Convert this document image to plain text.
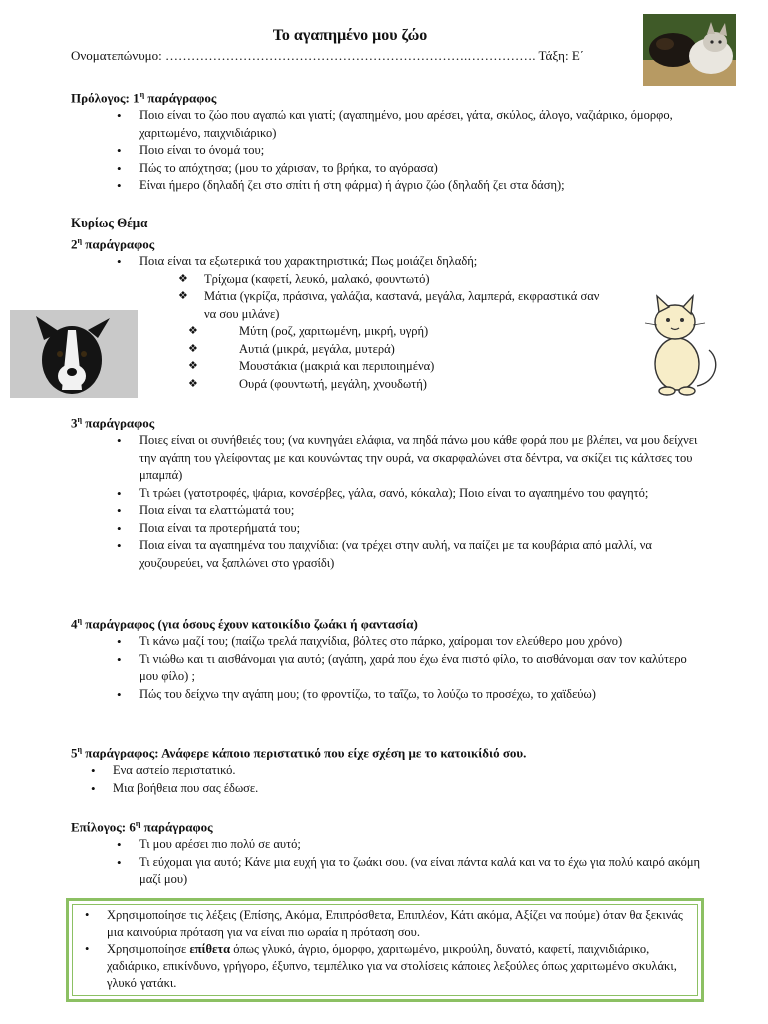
Το αγαπημένο μου ζώο
Ονοματεπώνυμο: …………………………………………………………….……………. Τάξη: Ε΄
Πρόλογος: $1^\eta$ παράγραφος
• Ποιο είναι το ζώο που αγαπώ και γιατί; (αγαπημένο, μου αρέσει, γάτα, σκύλος, άλογο, ναζιάρικο, όμορφο, χαριτωμένο, παιχνιδιάρικο)
• Ποιο είναι το όνομά του;
• Πώς το απόχτησα; (μου το χάρισαν, το βρήκα, το αγόρασα)
• Είναι ήμερο (δηλαδή ζει στο σπίτι ή στη φάρμα) ή άγριο ζώο (δηλαδή ζει στα δάση);
Κυρίως Θέμα
$2^\eta$ παράγραφος
• Ποια είναι τα εξωτερικά του χαρακτηριστικά; Πως μοιάζει δηλαδή;
❖ Τρίχωμα (καφετί, λευκό, μαλακό, φουντωτό)
❖ Μάτια (γκρίζα, πράσινα, γαλάζια, καστανά, μεγάλα, λαμπερά, εκφραστικά σαν να σου μιλάνε)
❖ Μύτη (ροζ, χαριτωμένη, μικρή, υγρή)
❖ Αυτιά (μικρά, μεγάλα, μυτερά)
❖ Μουστάκια (μακριά και περιποιημένα)
❖ Ουρά (φουντωτή, μεγάλη, χνουδωτή)
$3^\eta$ παράγραφος
• Ποιες είναι οι συνήθειές του; (να κυνηγάει ελάφια, να πηδά πάνω μου κάθε φορά που με βλέπει, να μου δείχνει την αγάπη του γλείφοντας με και κουνώντας την ουρά, να σκαρφαλώνει στα δέντρα, να σκίζει τις κάλτσες του μπαμπά)
• Τι τρώει (γατοτροφές, ψάρια, κονσέρβες, γάλα, σανό, κόκαλα); Ποιο είναι το αγαπημένο του φαγητό;
• Ποια είναι τα ελαττώματά του;
• Ποια είναι τα προτερήματά του;
• Ποια είναι τα αγαπημένα του παιχνίδια: (να τρέχει στην αυλή, να παίζει με τα κουβάρια από μαλλί, να χουζουρεύει, να ξαπλώνει στο γρασίδι)
$4^\eta$ παράγραφος (για όσους έχουν κατοικίδιο ζωάκι ή φαντασία)
• Τι κάνω μαζί του; (παίζω τρελά παιχνίδια, βόλτες στο πάρκο, χαίρομαι τον ελεύθερο μου χρόνο)
• Τι νιώθω και τι αισθάνομαι για αυτό; (αγάπη, χαρά που έχω ένα πιστό φίλο, το αισθάνομαι σαν τον καλύτερο μου φίλο) ;
• Πώς του δείχνω την αγάπη μου; (το φροντίζω, το ταΐζω, το λούζω το προσέχω, το χαϊδεύω)
$5^\eta$ παράγραφος: Ανάφερε κάποιο περιστατικό που είχε σχέση με το κατοικίδιό σου.
• Ενα αστείο περιστατικό.
• Μια βοήθεια που σας έδωσε.
Επίλογος: $6^\eta$ παράγραφος
• Τι μου αρέσει πιο πολύ σε αυτό;
• Τι εύχομαι για αυτό; Κάνε μια ευχή για το ζωάκι σου. (να είναι πάντα καλά και να το έχω για πολύ καιρό ακόμη μαζί μου)
• Χρησιμοποίησε τις λέξεις (Επίσης, Ακόμα, Επιπρόσθετα, Επιπλέον, Κάτι ακόμα, Αξίζει να πούμε) όταν θα ξεκινάς μια καινούρια πρόταση για να είναι πιο ωραία η πρόταση σου.
• Χρησιμοποίησε επίθετα όπως γλυκό, άγριο, όμορφο, χαριτωμένο, μικρούλη, δυνατό, καφετί, παιχνιδιάρικο, χαδιάρικο, επικίνδυνο, γρήγορο, έξυπνο, τεμπέλικο για να στολίσεις κάποιες λεξούλες όπως χαριτωμένο σκυλάκι, γλυκό γατάκι.
